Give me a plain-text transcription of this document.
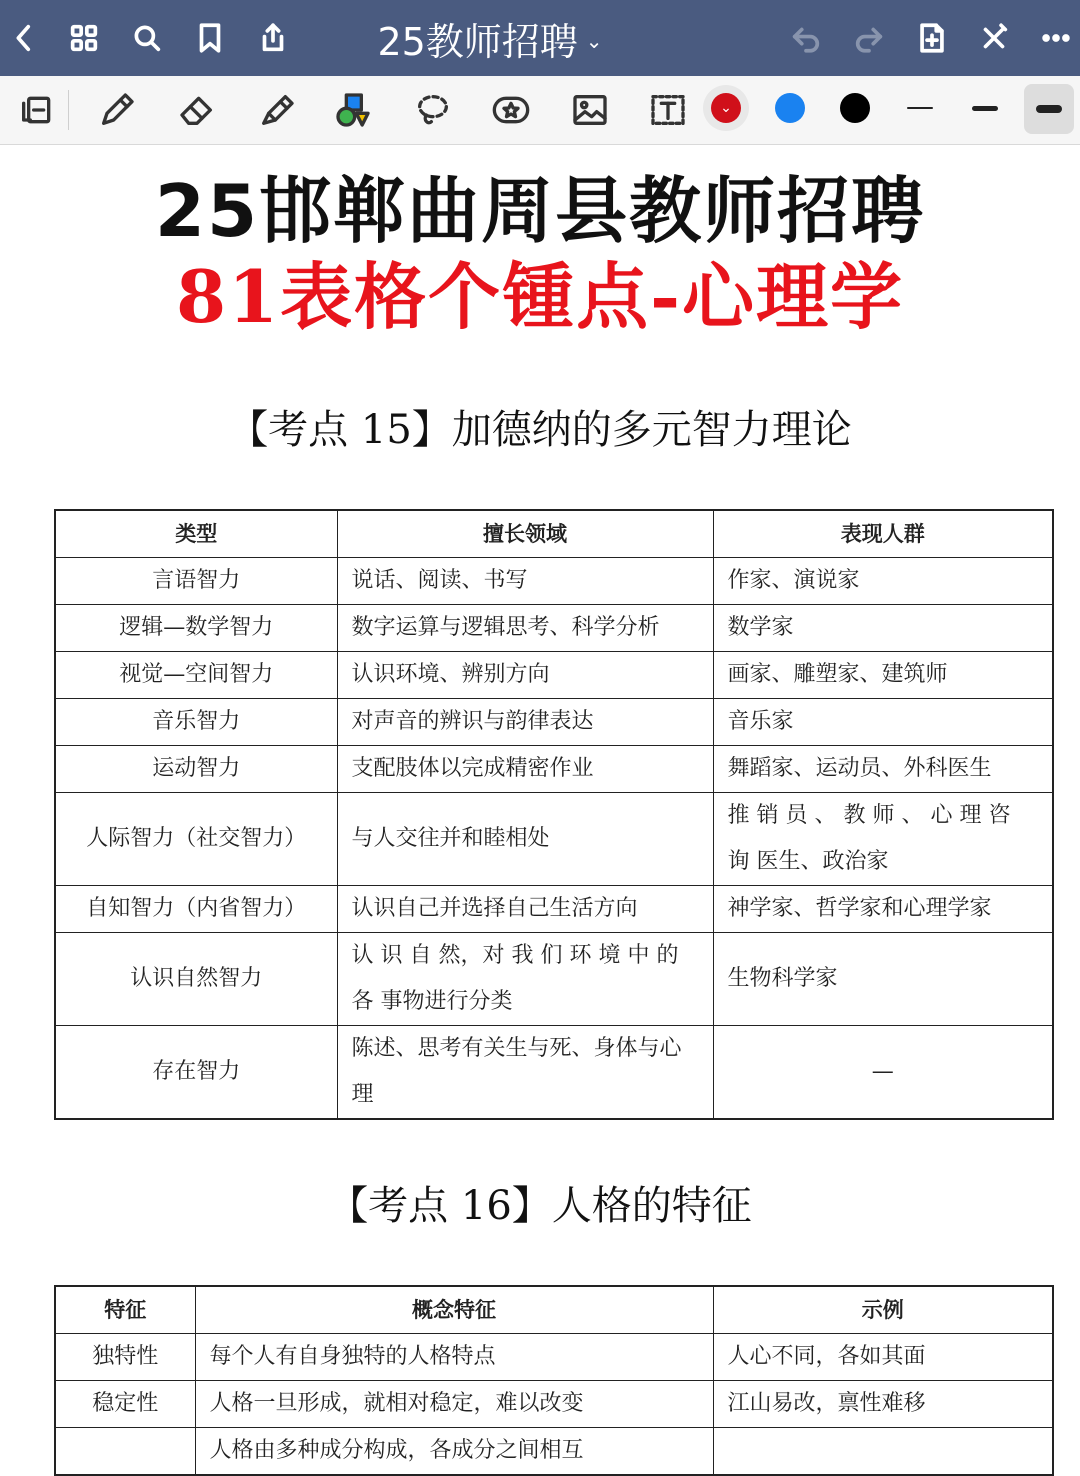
25教师招聘 ⌄
⌄
25邯郸曲周县教师招聘
81表格个锺点-心理学
【考点 15】加德纳的多元智力理论
类型	擅长领域	表现人群
言语智力	说话、阅读、书写	作家、演说家
逻辑—数学智力	数字运算与逻辑思考、科学分析	数学家
视觉—空间智力	认识环境、辨别方向	画家、雕塑家、建筑师
音乐智力	对声音的辨识与韵律表达	音乐家
运动智力	支配肢体以完成精密作业	舞蹈家、运动员、外科医生
人际智力（社交智力）	与人交往并和睦相处	推 销 员 、 教 师 、 心 理 咨 询 医生、政治家
自知智力（内省智力）	认识自己并选择自己生活方向	神学家、哲学家和心理学家
认识自然智力	认 识 自 然，对 我 们 环 境 中 的 各 事物进行分类	生物科学家
存在智力	陈述、思考有关生与死、身体与心理	—
【考点 16】人格的特征
特征	概念特征	示例
独特性	每个人有自身独特的人格特点	人心不同，各如其面
稳定性	人格一旦形成，就相对稳定，难以改变	江山易改，禀性难移
	人格由多种成分构成，各成分之间相互	
